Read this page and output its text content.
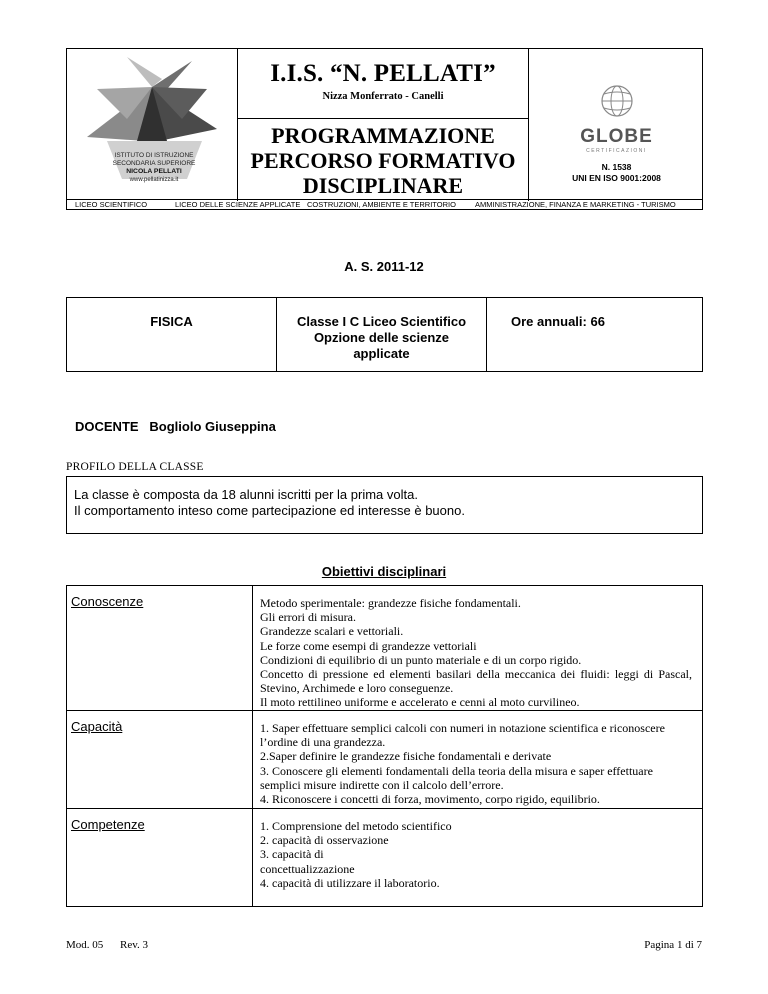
ISTITUTO DI ISTRUZIONE
SECONDARIA SUPERIORE
NICOLA PELLATI
www.pellatinizza.it
I.I.S. “N. PELLATI”
Nizza Monferrato - Canelli
PROGRAMMAZIONE
PERCORSO FORMATIVO
DISCIPLINARE
GLOBE
CERTIFICAZIONI
N. 1538
UNI EN ISO 9001:2008
LICEO SCIENTIFICO	LICEO DELLE SCIENZE APPLICATE COSTRUZIONI, AMBIENTE E TERRITORIO	AMMINISTRAZIONE, FINANZA E MARKETING - TURISMO
A. S. 2011-12
FISICA	Classe I C Liceo Scientifico
Opzione delle scienze
applicate
Ore annuali: 66
DOCENTE Bogliolo Giuseppina
PROFILO DELLA CLASSE
La classe è composta da 18 alunni iscritti per la prima volta.
Il comportamento inteso come partecipazione ed interesse è buono.
Obiettivi disciplinari
Conoscenze	Metodo sperimentale: grandezze fisiche fondamentali.
Gli errori di misura.
Grandezze scalari e vettoriali.
Le forze come esempi di grandezze vettoriali
Condizioni di equilibrio di un punto materiale e di un corpo rigido.
Concetto di pressione ed elementi basilari della meccanica dei fluidi: leggi di Pascal, Stevino, Archimede e loro conseguenze.
Il moto rettilineo uniforme e accelerato e cenni al moto curvilineo.
Capacità	1. Saper effettuare semplici calcoli con numeri in notazione scientifica e riconoscere l’ordine di una grandezza.
2.Saper definire le grandezze fisiche fondamentali e derivate
3. Conoscere gli elementi fondamentali della teoria della misura e saper effettuare semplici misure indirette con il calcolo dell’errore.
4. Riconoscere i concetti di forza, movimento, corpo rigido, equilibrio.
Competenze	1. Comprensione del metodo scientifico
2. capacità di osservazione
3. capacità di
concettualizzazione
4. capacità di utilizzare il laboratorio.
Mod. 05 Rev. 3	Pagina 1 di 7
